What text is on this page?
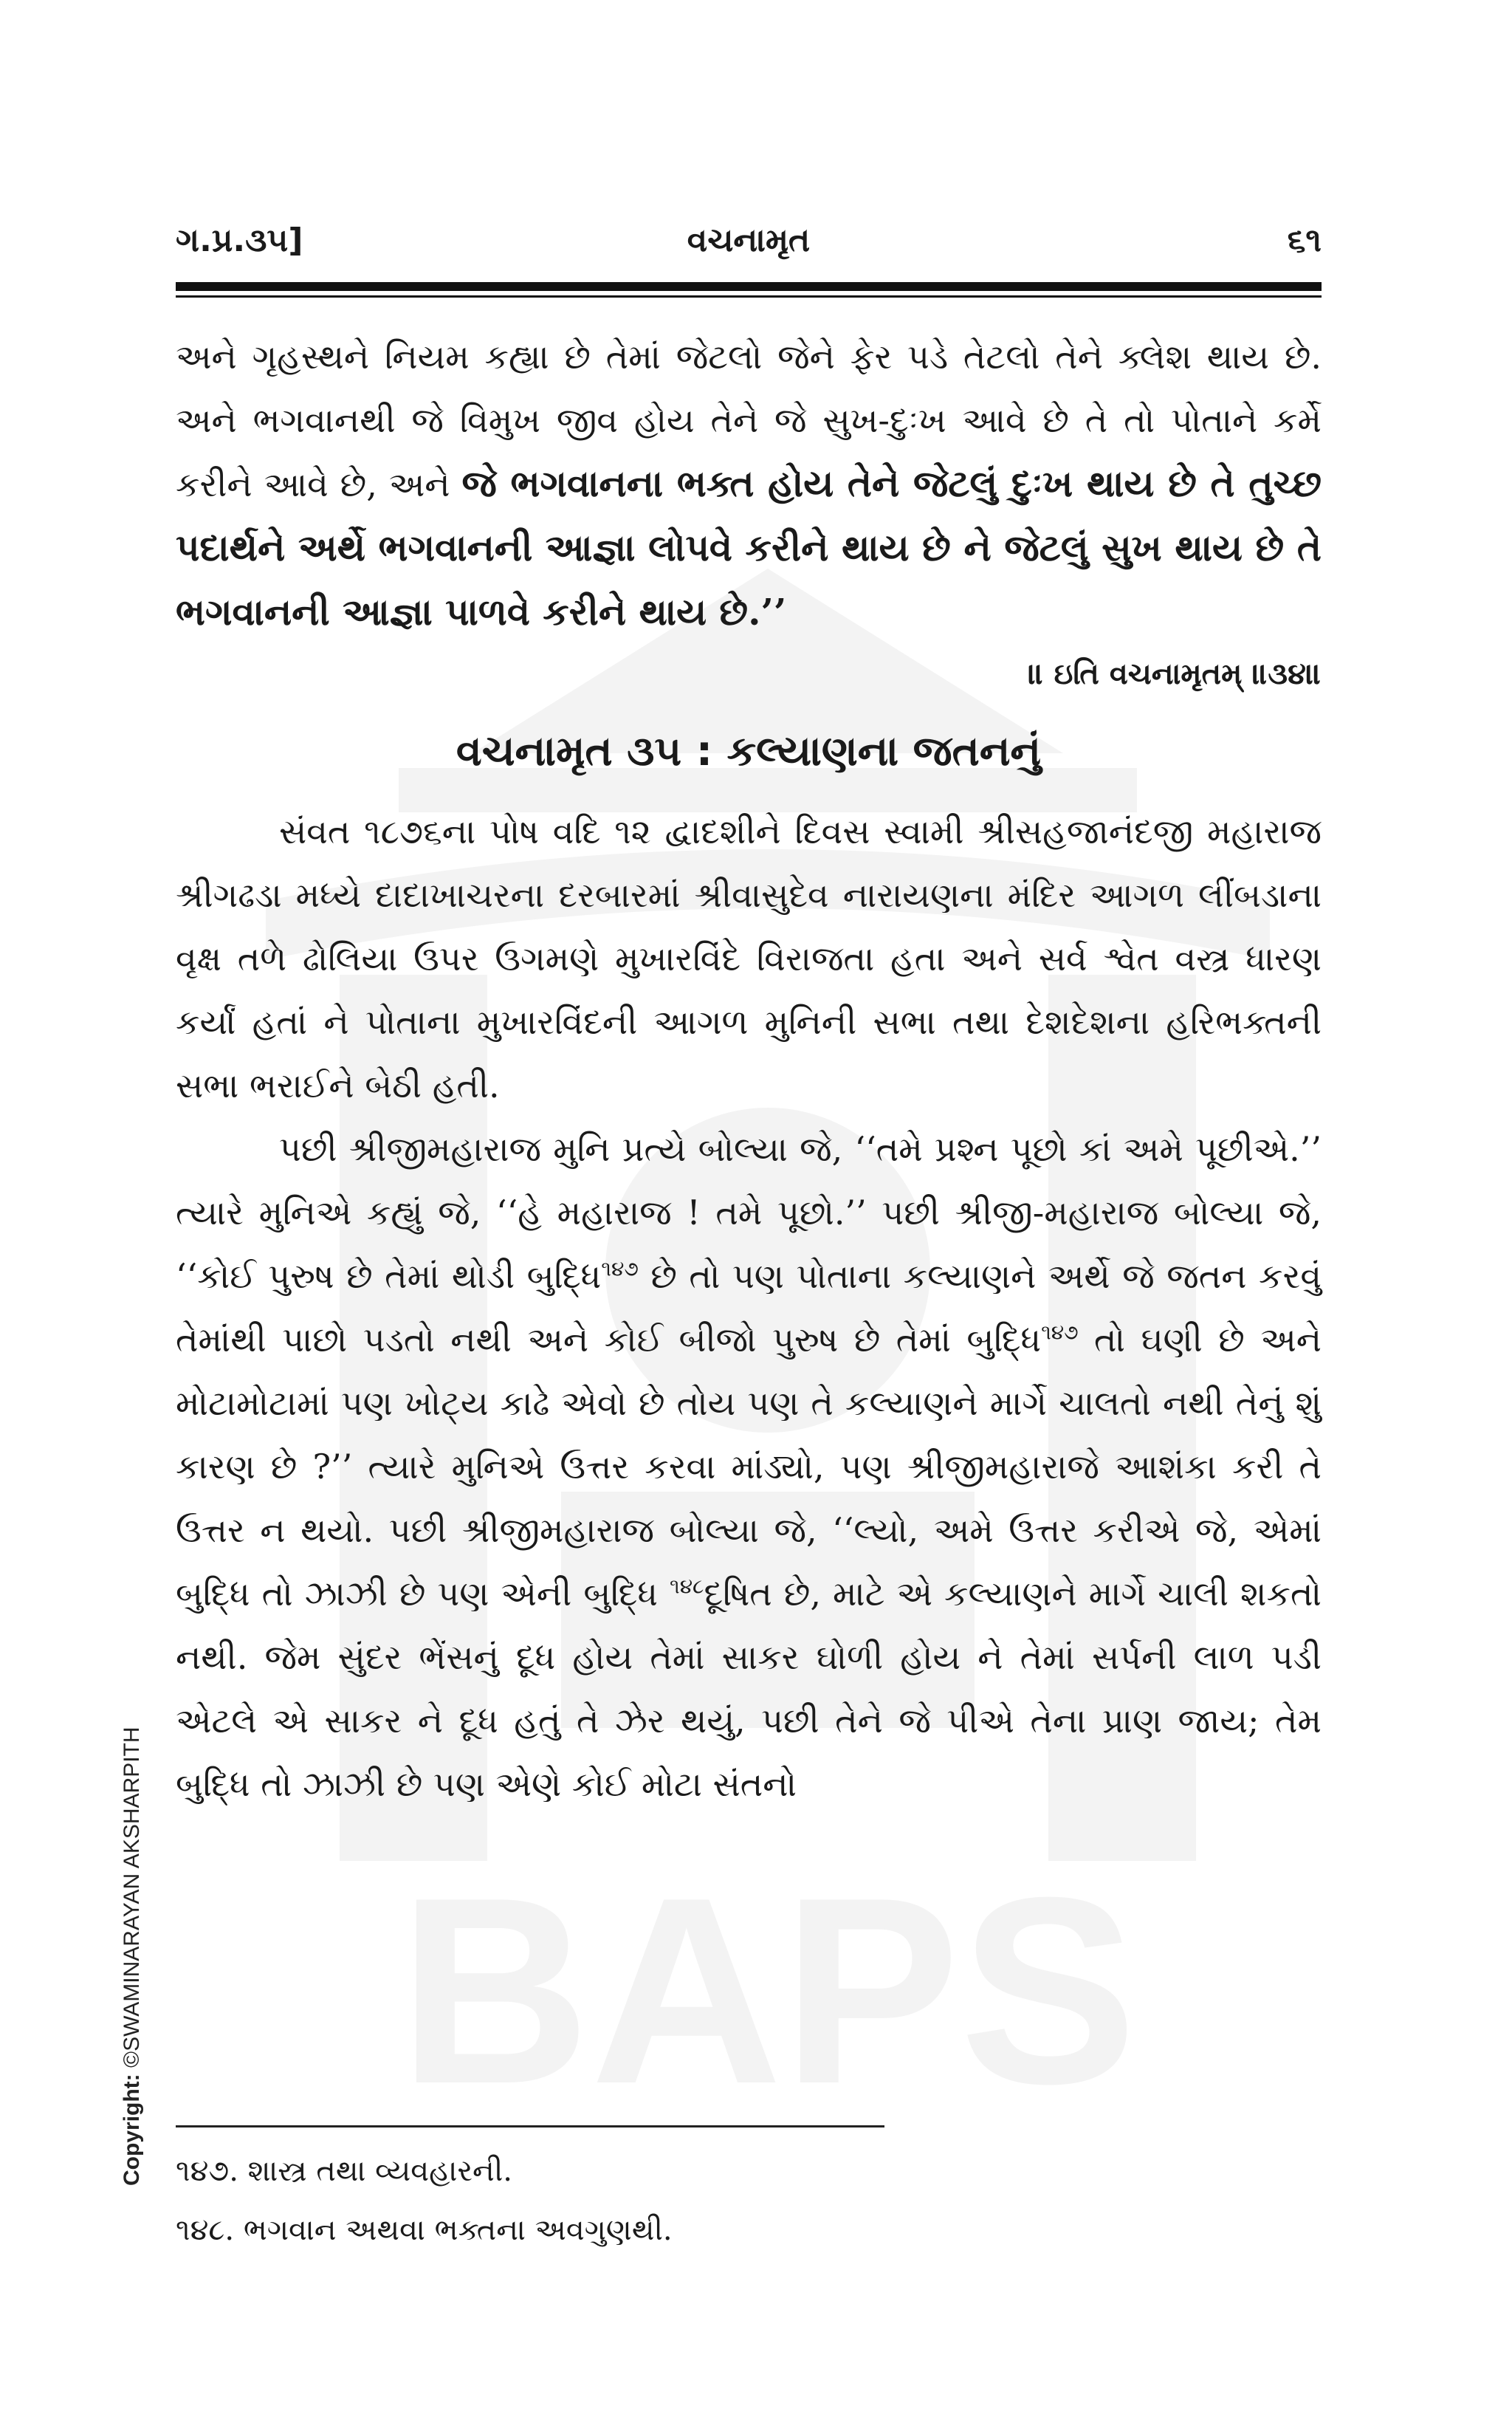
BAPS
ગ.પ્ર.૩૫]	વચનામૃત	૬૧

અને ગૃહસ્થને નિયમ કહ્યા છે તેમાં જેટલો જેને ફેર પડે તેટલો તેને ક્લેશ થાય છે. અને ભગવાનથી જે વિમુખ જીવ હોય તેને જે સુખ-દુઃખ આવે છે તે તો પોતાને કર્મે કરીને આવે છે, અને જે ભગવાનના ભક્ત હોય તેને જેટલું દુઃખ થાય છે તે તુચ્છ પદાર્થને અર્થે ભગવાનની આજ્ઞા લોપવે કરીને થાય છે ને જેટલું સુખ થાય છે તે ભગવાનની આજ્ઞા પાળવે કરીને થાય છે.’’

॥ ઇતિ વચનામૃતમ્ ॥૩૪॥

વચનામૃત ૩૫ : કલ્યાણના જતનનું

સંવત ૧૮૭૬ના પોષ વદિ ૧૨ દ્વાદશીને દિવસ સ્વામી શ્રીસહજાનંદજી મહારાજ શ્રીગઢડા મધ્યે દાદાખાચરના દરબારમાં શ્રીવાસુદેવ નારાયણના મંદિર આગળ લીંબડાના વૃક્ષ તળે ઢોલિયા ઉપર ઉગમણે મુખારવિંદે વિરાજતા હતા અને સર્વ શ્વેત વસ્ત્ર ધારણ કર્યાં હતાં ને પોતાના મુખારવિંદની આગળ મુનિની સભા તથા દેશદેશના હરિભક્તની સભા ભરાઈને બેઠી હતી.

પછી શ્રીજીમહારાજ મુનિ પ્રત્યે બોલ્યા જે, ‘‘તમે પ્રશ્ન પૂછો કાં અમે પૂછીએ.’’ ત્યારે મુનિએ કહ્યું જે, ‘‘હે મહારાજ ! તમે પૂછો.’’ પછી શ્રીજી-મહારાજ બોલ્યા જે, ‘‘કોઈ પુરુષ છે તેમાં થોડી બુદ્ધિ$^{૧૪૭}$ છે તો પણ પોતાના કલ્યાણને અર્થે જે જતન કરવું તેમાંથી પાછો પડતો નથી અને કોઈ બીજો પુરુષ છે તેમાં બુદ્ધિ$^{૧૪૭}$ તો ઘણી છે અને મોટામોટામાં પણ ખોટ્ય કાઢે એવો છે તોય પણ તે કલ્યાણને માર્ગે ચાલતો નથી તેનું શું કારણ છે ?’’ ત્યારે મુનિએ ઉત્તર કરવા માંડ્યો, પણ શ્રીજીમહારાજે આશંકા કરી તે ઉત્તર ન થયો. પછી શ્રીજીમહારાજ બોલ્યા જે, ‘‘લ્યો, અમે ઉત્તર કરીએ જે, એમાં બુદ્ધિ તો ઝાઝી છે પણ એની બુદ્ધિ $^{૧૪૮}$દૂષિત છે, માટે એ કલ્યાણને માર્ગે ચાલી શકતો નથી. જેમ સુંદર ભેંસનું દૂધ હોય તેમાં સાકર ઘોળી હોય ને તેમાં સર્પની લાળ પડી એટલે એ સાકર ને દૂધ હતું તે ઝેર થયું, પછી તેને જે પીએ તેના પ્રાણ જાય; તેમ બુદ્ધિ તો ઝાઝી છે પણ એણે કોઈ મોટા સંતનો

૧૪૭. શાસ્ત્ર તથા વ્યવહારની.

૧૪૮. ભગવાન અથવા ભક્તના અવગુણથી.

Copyright: ©SWAMINARAYAN AKSHARPITH
